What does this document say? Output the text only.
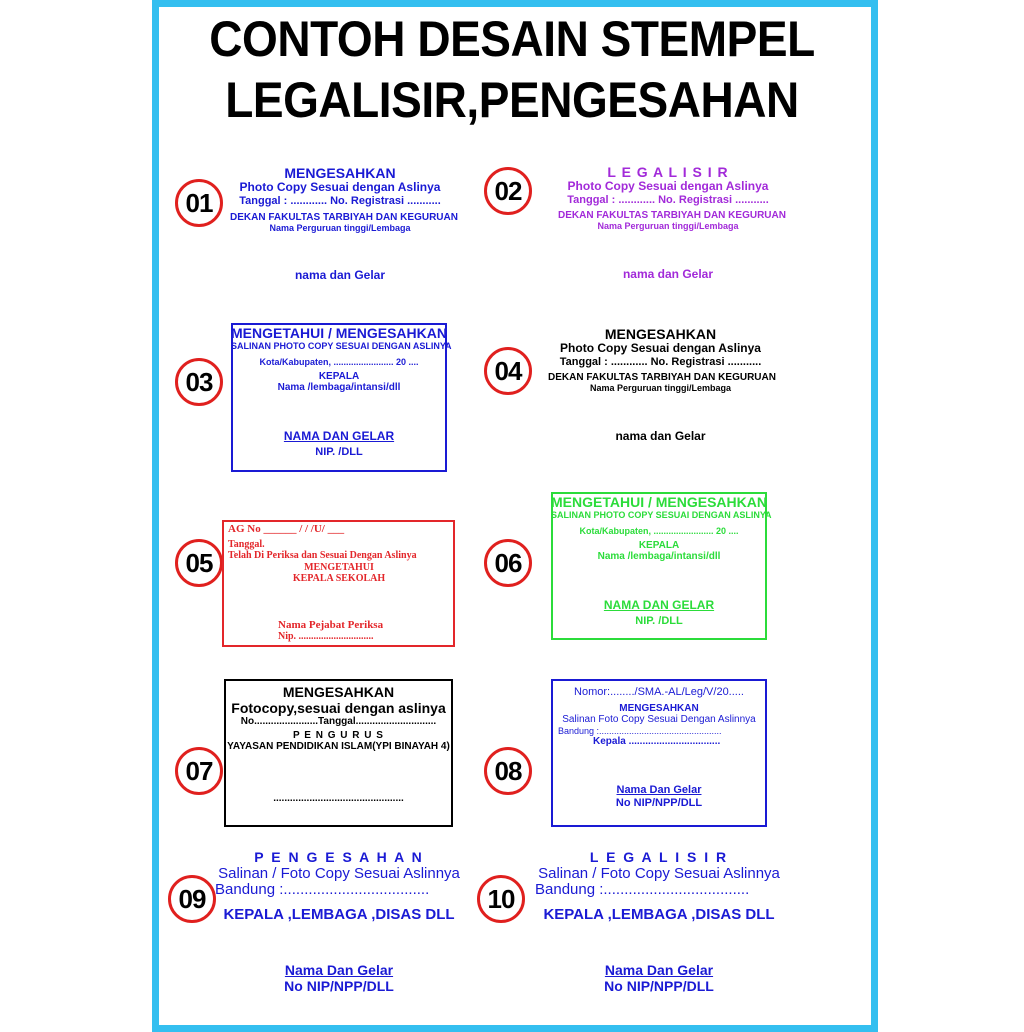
CONTOH DESAIN STEMPEL
LEGALISIR,PENGESAHAN
01	02
03	04
05	06
07	08
09	10
MENGESAHKAN
Photo Copy Sesuai dengan Aslinya
Tanggal : ............ No. Registrasi ...........
DEKAN FAKULTAS TARBIYAH DAN KEGURUAN
Nama Perguruan tinggi/Lembaga
nama dan Gelar
L E G A L I S I R
Photo Copy Sesuai dengan Aslinya
Tanggal : ............ No. Registrasi ...........
DEKAN FAKULTAS TARBIYAH DAN KEGURUAN
Nama Perguruan tinggi/Lembaga
nama dan Gelar
MENGETAHUI / MENGESAHKAN
SALINAN PHOTO COPY SESUAI DENGAN ASLINYA
Kota/Kabupaten, ........................ 20 ....
KEPALA
Nama /lembaga/intansi/dll
NAMA DAN GELAR
NIP. /DLL
MENGESAHKAN
Photo Copy Sesuai dengan Aslinya
Tanggal : ............ No. Registrasi ...........
DEKAN FAKULTAS TARBIYAH DAN KEGURUAN
Nama Perguruan tinggi/Lembaga
nama dan Gelar
AG No ______ / / /U/ ___
Tanggal.
Telah Di Periksa dan Sesuai Dengan Aslinya
MENGETAHUI
KEPALA SEKOLAH
Nama Pejabat Periksa
Nip. ..............................
MENGETAHUI / MENGESAHKAN
SALINAN PHOTO COPY SESUAI DENGAN ASLINYA
Kota/Kabupaten, ........................ 20 ....
KEPALA
Nama /lembaga/intansi/dll
NAMA DAN GELAR
NIP. /DLL
MENGESAHKAN
Fotocopy,sesuai dengan aslinya
No.......................Tanggal.............................
P E N G U R U S
YAYASAN PENDIDIKAN ISLAM(YPI BINAYAH 4)
...............................................
Nomor:......../SMA.-AL/Leg/V/20.....
MENGESAHKAN
Salinan Foto Copy Sesuai Dengan Aslinnya
Bandung :.................................................
Kepala .................................
Nama Dan Gelar
No NIP/NPP/DLL
P E N G E S A H A N
Salinan / Foto Copy Sesuai Aslinnya
Bandung :...................................
KEPALA ,LEMBAGA ,DISAS DLL
Nama Dan Gelar
No NIP/NPP/DLL
L E G A L I S I R
Salinan / Foto Copy Sesuai Aslinnya
Bandung :...................................
KEPALA ,LEMBAGA ,DISAS DLL
Nama Dan Gelar
No NIP/NPP/DLL
